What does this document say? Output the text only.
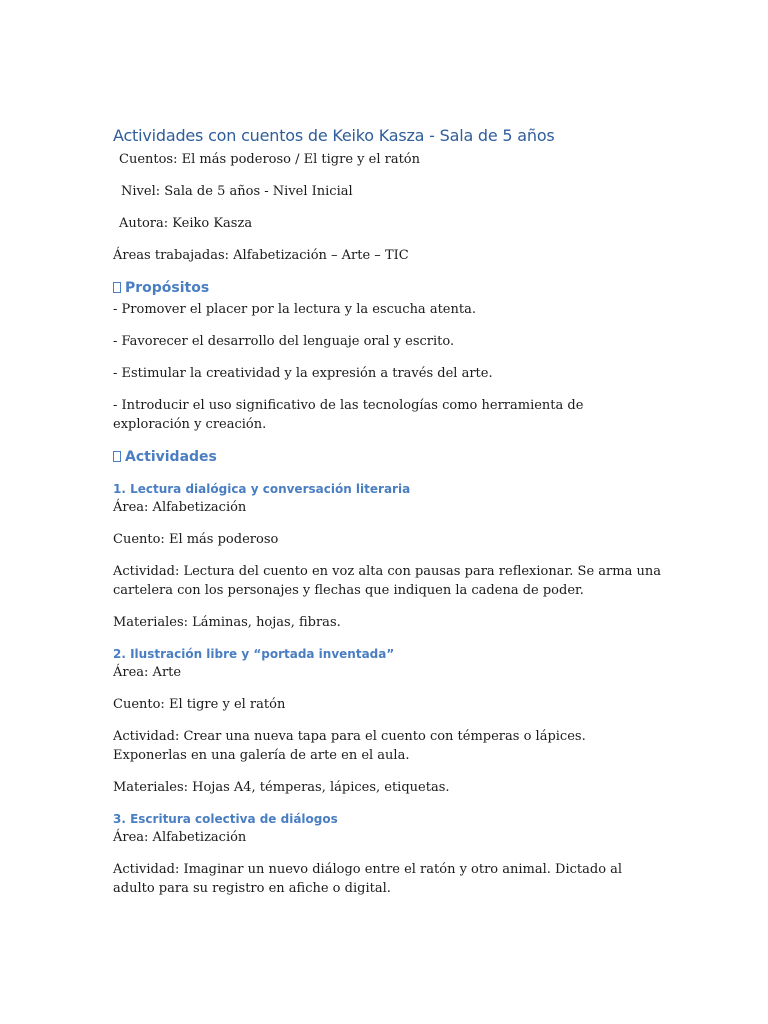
Actividades con cuentos de Keiko Kasza - Sala de 5 años

Cuentos: El más poderoso / El tigre y el ratón

Nivel: Sala de 5 años - Nivel Inicial

Autora: Keiko Kasza

Áreas trabajadas: Alfabetización – Arte – TIC

Propósitos

- Promover el placer por la lectura y la escucha atenta.

- Favorecer el desarrollo del lenguaje oral y escrito.

- Estimular la creatividad y la expresión a través del arte.

- Introducir el uso significativo de las tecnologías como herramienta de exploración y creación.

Actividades
1. Lectura dialógica y conversación literaria

Área: Alfabetización

Cuento: El más poderoso

Actividad: Lectura del cuento en voz alta con pausas para reflexionar. Se arma una cartelera con los personajes y flechas que indiquen la cadena de poder.

Materiales: Láminas, hojas, fibras.

2. Ilustración libre y “portada inventada”

Área: Arte

Cuento: El tigre y el ratón

Actividad: Crear una nueva tapa para el cuento con témperas o lápices. Exponerlas en una galería de arte en el aula.

Materiales: Hojas A4, témperas, lápices, etiquetas.

3. Escritura colectiva de diálogos

Área: Alfabetización

Actividad: Imaginar un nuevo diálogo entre el ratón y otro animal. Dictado al adulto para su registro en afiche o digital.
